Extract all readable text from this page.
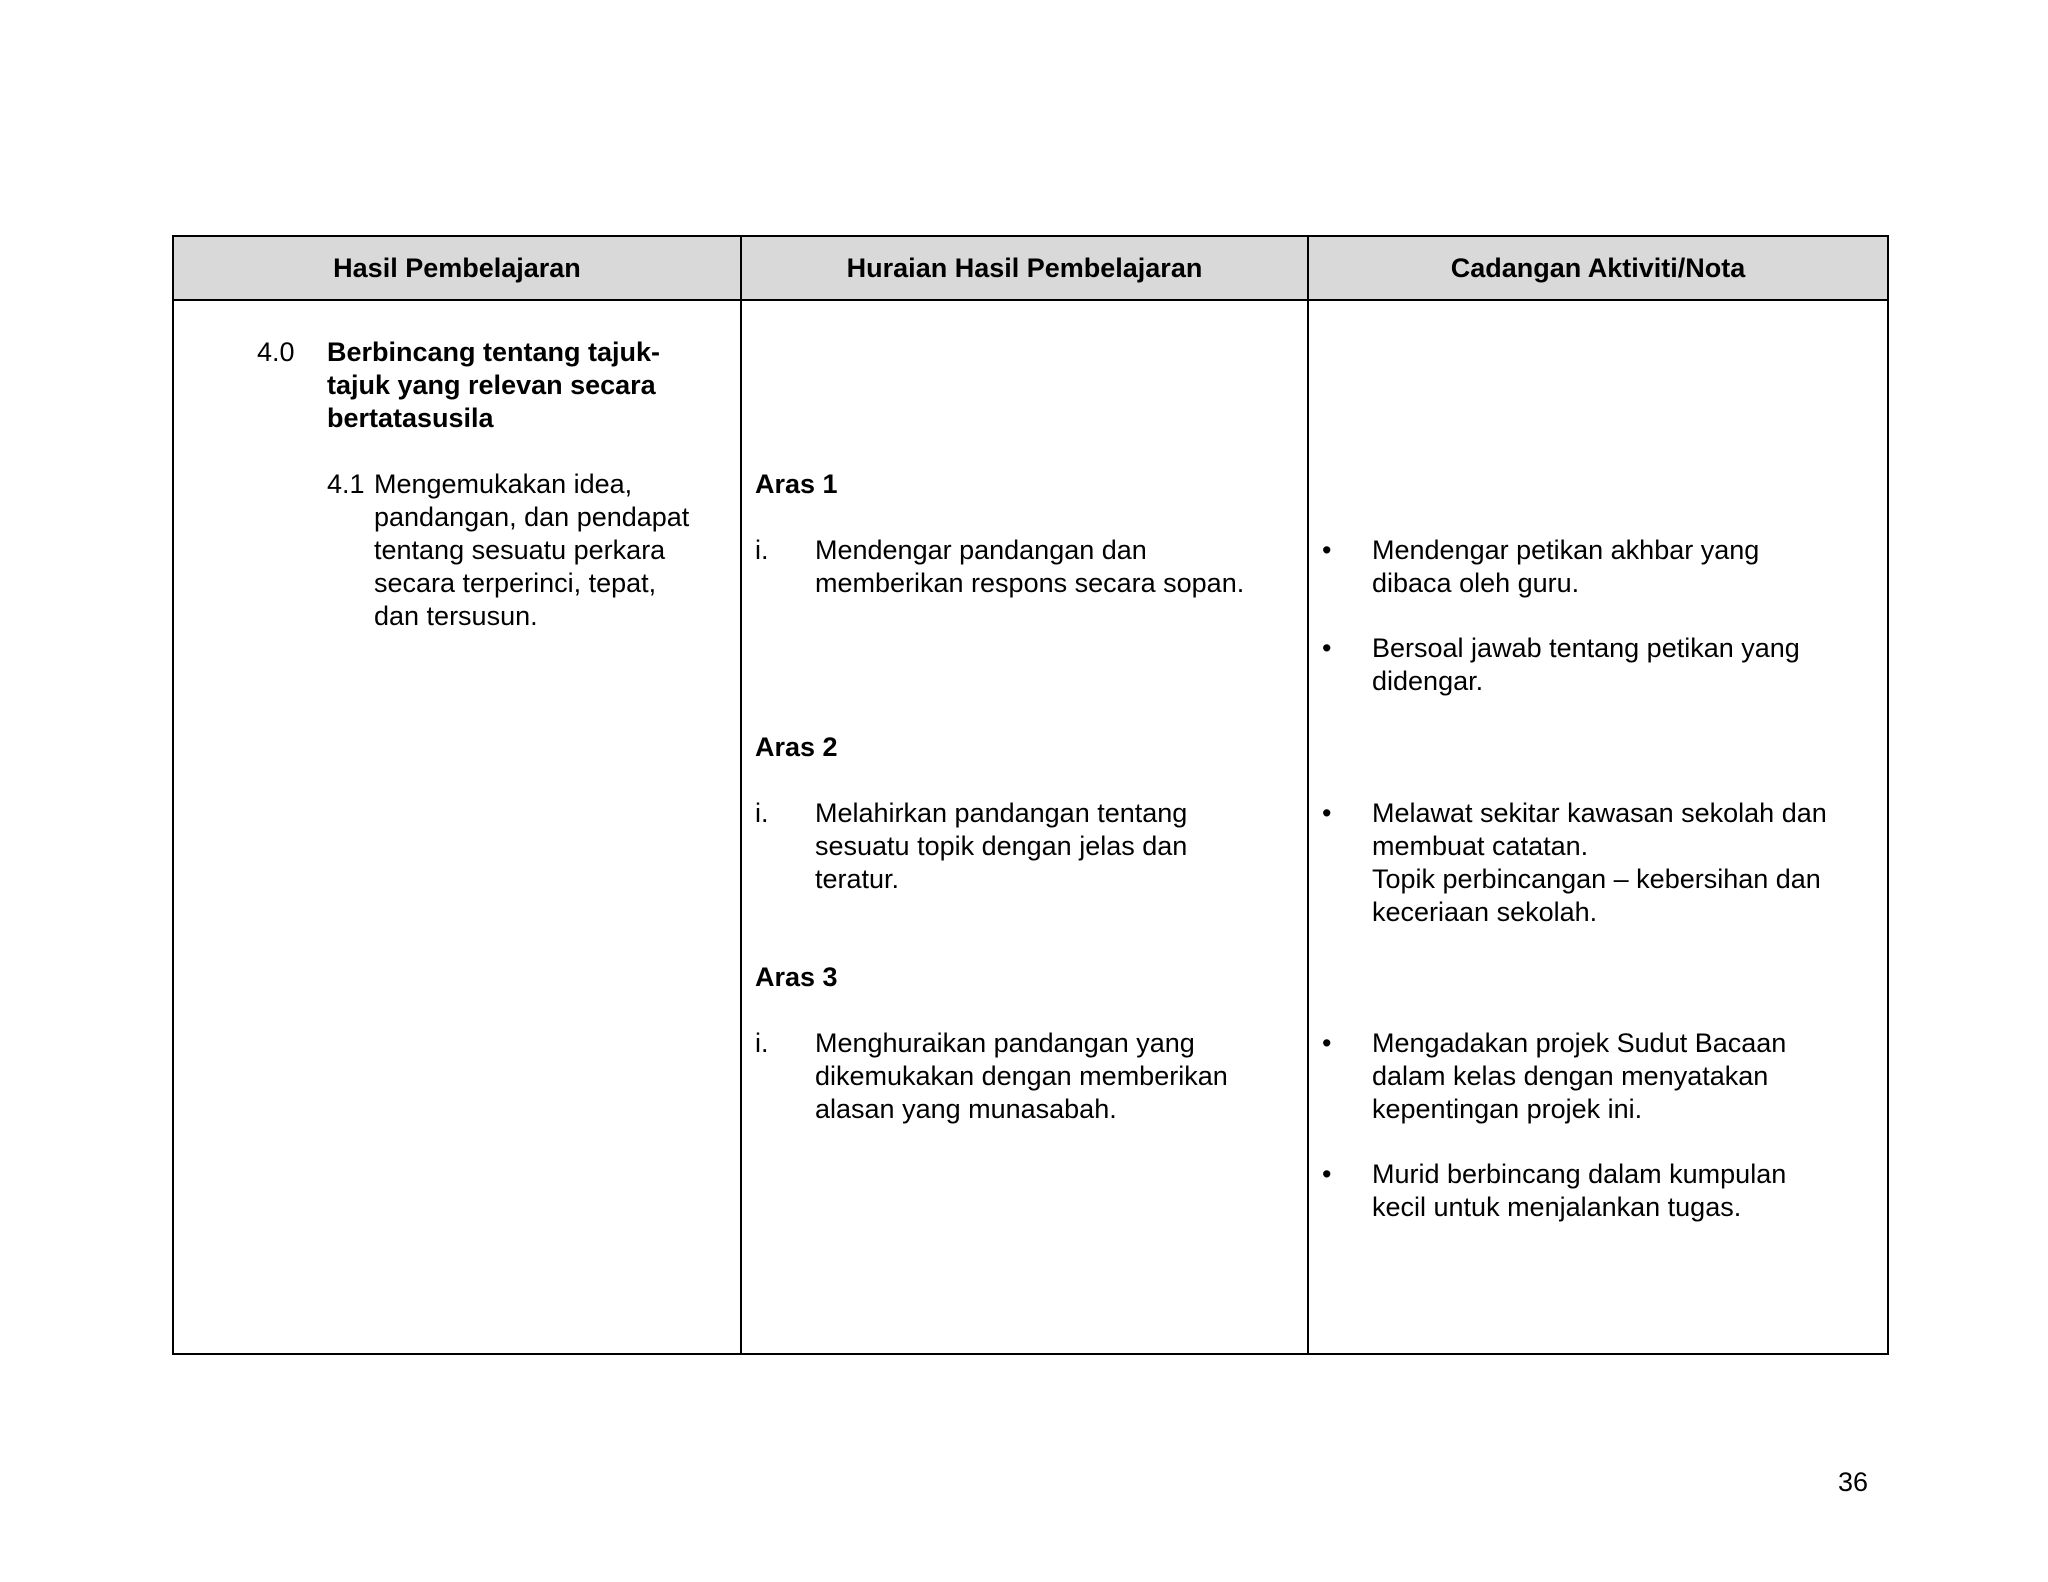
Hasil Pembelajaran	Huraian Hasil Pembelajaran	Cadangan Aktiviti/Nota
4.0 Berbincang tentang tajuk-
tajuk yang relevan secara
bertatasusila
4.1 Mengemukakan idea,
pandangan, dan pendapat
tentang sesuatu perkara
secara terperinci, tepat,
dan tersusun.
Aras 1
i. Mendengar pandangan dan
memberikan respons secara sopan.
Aras 2
i. Melahirkan pandangan tentang
sesuatu topik dengan jelas dan
teratur.
Aras 3
i. Menghuraikan pandangan yang
dikemukakan dengan memberikan
alasan yang munasabah.
• Mendengar petikan akhbar yang
dibaca oleh guru.
• Bersoal jawab tentang petikan yang
didengar.
• Melawat sekitar kawasan sekolah dan
membuat catatan.
Topik perbincangan – kebersihan dan
keceriaan sekolah.
• Mengadakan projek Sudut Bacaan
dalam kelas dengan menyatakan
kepentingan projek ini.
• Murid berbincang dalam kumpulan
kecil untuk menjalankan tugas.
36
